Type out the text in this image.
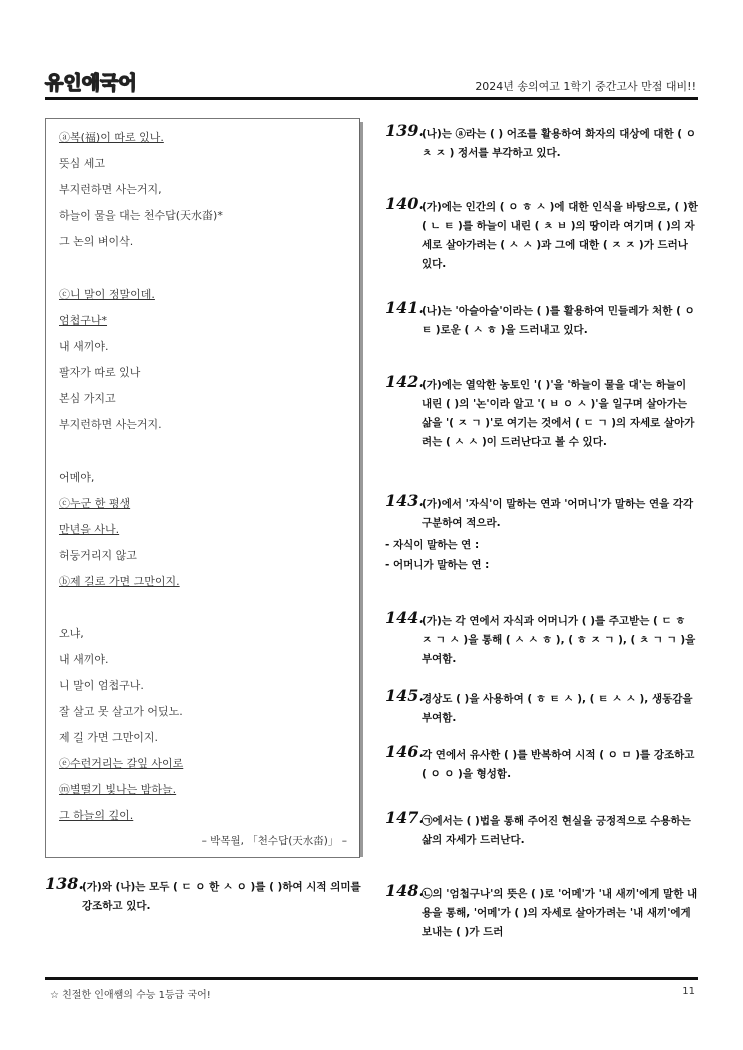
유인애국어	2024년 송의여고 1학기 중간고사 만점 대비!!
ⓐ복(福)이 따로 있나.
뜻심 세고
부지런하면 사는거지,
하늘이 물을 대는 천수답(天水畓)*
그 논의 벼이삭.
ⓒ니 말이 정말이데.
엄첩구나*
내 새끼야.
팔자가 따로 있나
본심 가지고
부지런하면 사는거지.
어메야,
ⓒ누군 한 평생
만년을 사나.
허둥거리지 않고
ⓑ제 길로 가면 그만이지.
오냐,
내 새끼야.
니 말이 엄첩구나.
잘 살고 못 살고가 어딨노.
제 길 가면 그만이지.
ⓔ수런거리는 갈잎 사이로
ⓜ별떨기 빛나는 밤하늘.
그 하늘의 깊이.
– 박목월, 「천수답(天水畓)」 –
138.
(가)와 (나)는 모두 ( ㄷ ㅇ 한 ㅅ ㅇ )를 ( )하여 시적 의미를 강조하고 있다.
139.
(나)는 ⓐ라는 ( ) 어조를 활용하여 화자의 대상에 대한 ( ㅇ ㅊ ㅈ ) 정서를 부각하고 있다.
140.
(가)에는 인간의 ( ㅇ ㅎ ㅅ )에 대한 인식을 바탕으로, ( )한 ( ㄴ ㅌ )를 하늘이 내린 ( ㅊ ㅂ )의 땅이라 여기며 ( )의 자세로 살아가려는 ( ㅅ ㅅ )과 그에 대한 ( ㅈ ㅈ )가 드러나 있다.
141.
(나)는 '아슬아슬'이라는 ( )를 활용하여 민들레가 처한 ( ㅇ ㅌ )로운 ( ㅅ ㅎ )을 드러내고 있다.
142.
(가)에는 열악한 농토인 '( )'을 '하늘이 물을 대'는 하늘이 내린 ( )의 '논'이라 알고 '( ㅂ ㅇ ㅅ )'을 일구며 살아가는 삶을 '( ㅈ ㄱ )'로 여기는 것에서 ( ㄷ ㄱ )의 자세로 살아가려는 ( ㅅ ㅅ )이 드러난다고 볼 수 있다.
143.
(가)에서 '자식'이 말하는 연과 '어머니'가 말하는 연을 각각 구분하여 적으라.
- 자식이 말하는 연 :
- 어머니가 말하는 연 :
144.
(가)는 각 연에서 자식과 어머니가 ( )를 주고받는 ( ㄷ ㅎ ㅈ ㄱ ㅅ )을 통해 ( ㅅ ㅅ ㅎ ), ( ㅎ ㅈ ㄱ ), ( ㅊ ㄱ ㄱ )을 부여함.
145.
경상도 ( )을 사용하여 ( ㅎ ㅌ ㅅ ), ( ㅌ ㅅ ㅅ ), 생동감을 부여함.
146.
각 연에서 유사한 ( )를 반복하여 시적 ( ㅇ ㅁ )를 강조하고 ( ㅇ ㅇ )을 형성함.
147.
㉠에서는 ( )법을 통해 주어진 현실을 긍정적으로 수용하는 삶의 자세가 드러난다.
148.
㉡의 '엄첩구나'의 뜻은 ( )로 '어메'가 '내 새끼'에게 말한 내용을 통해, '어메'가 ( )의 자세로 살아가려는 '내 새끼'에게 보내는 ( )가 드러
☆ 친절한 인애쌤의 수능 1등급 국어!	11
